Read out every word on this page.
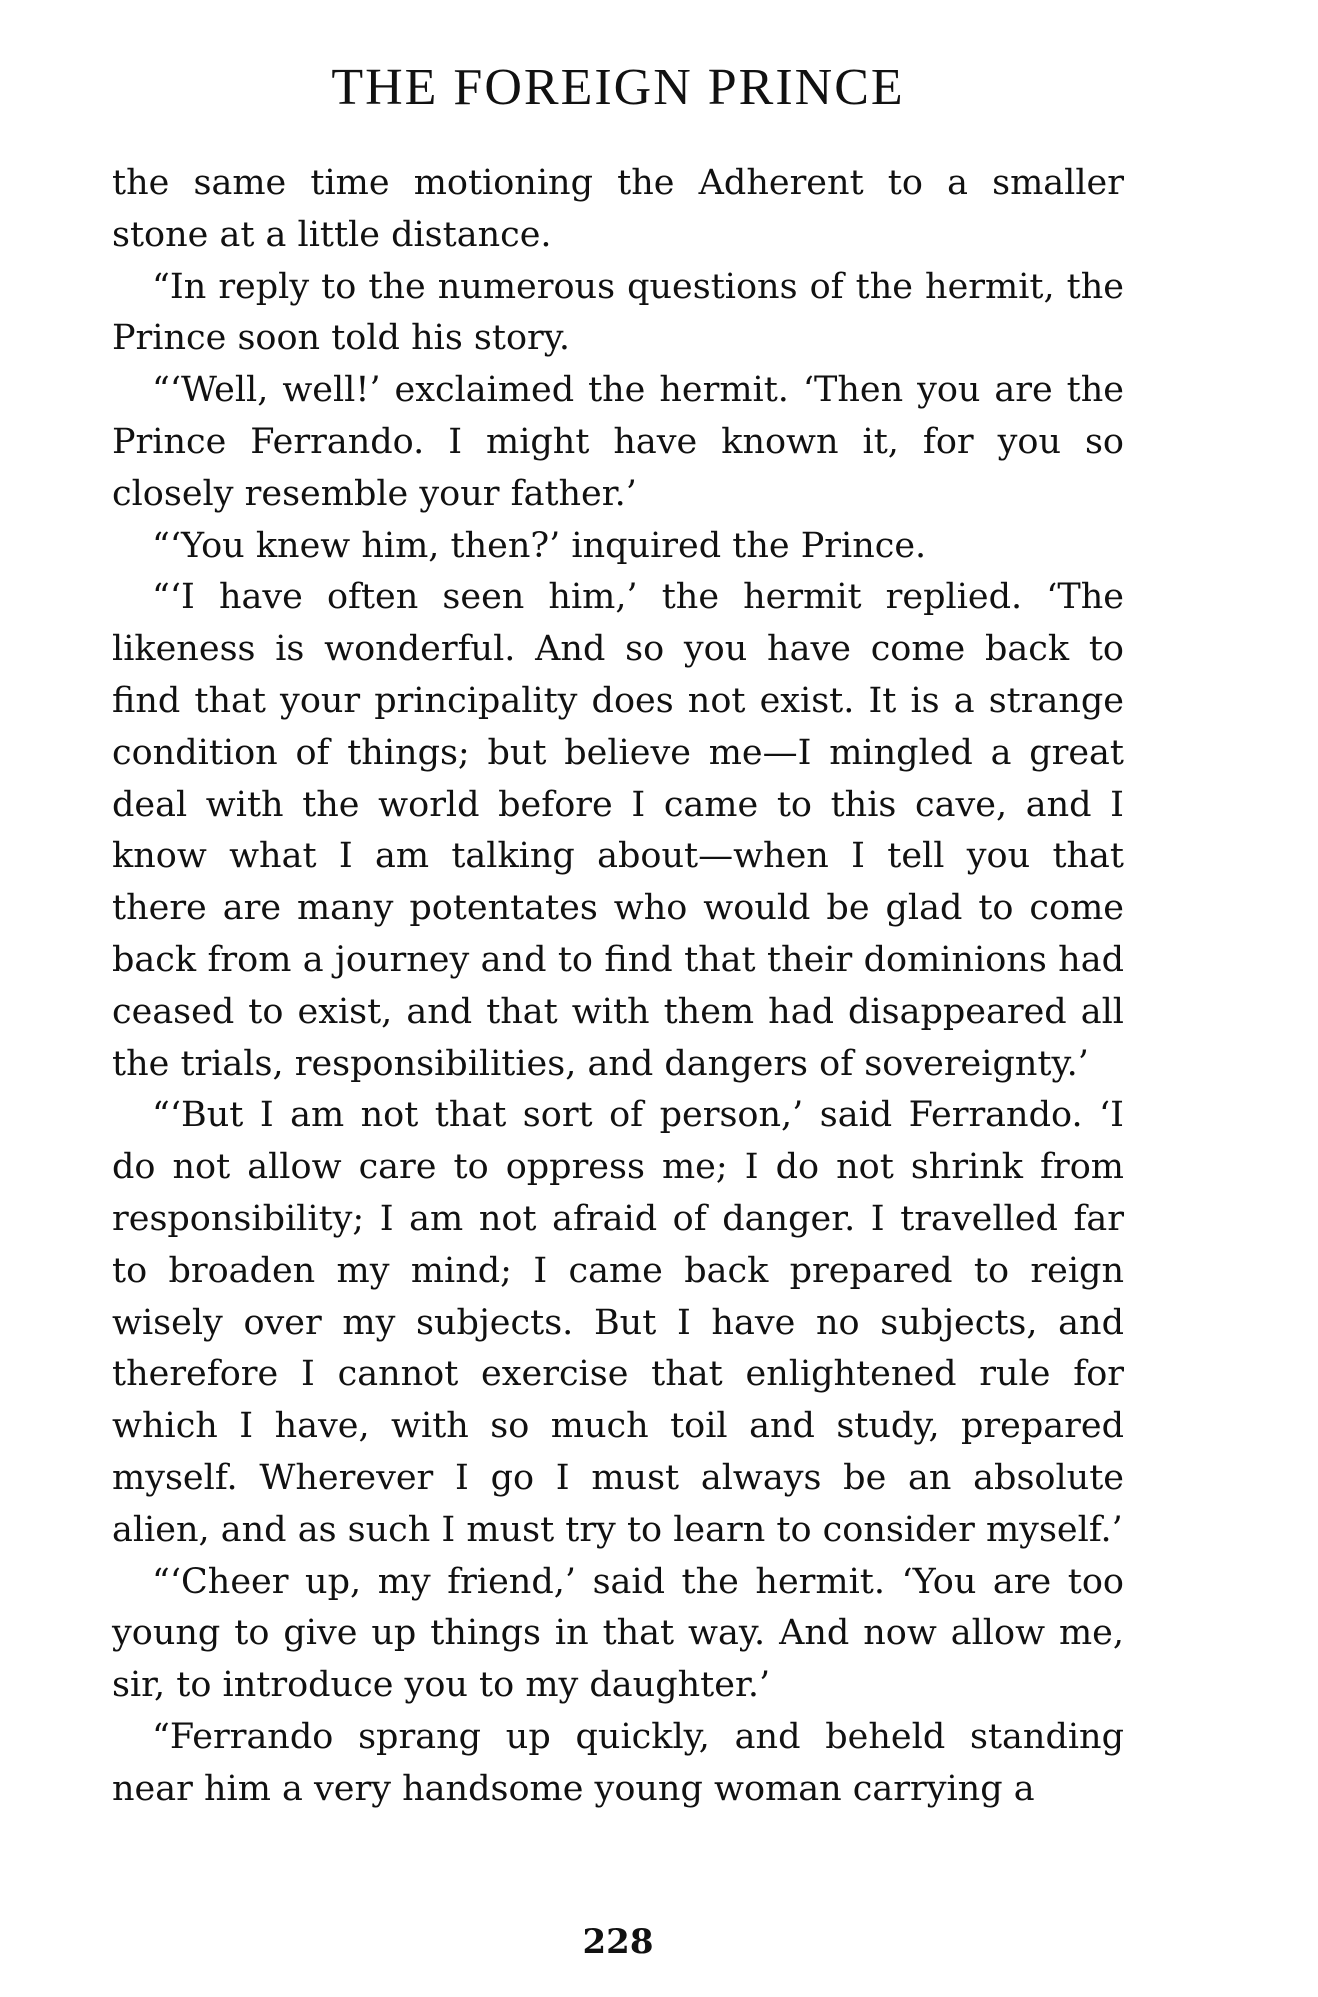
THE FOREIGN PRINCE

the same time motioning the Adherent to a smaller stone at a little distance.

“In reply to the numerous questions of the hermit, the Prince soon told his story.

“‘Well, well!’ exclaimed the hermit. ‘Then you are the Prince Ferrando. I might have known it, for you so closely resemble your father.’

“‘You knew him, then?’ inquired the Prince.

“‘I have often seen him,’ the hermit replied. ‘The likeness is wonderful. And so you have come back to find that your principality does not exist. It is a strange condition of things; but believe me—I mingled a great deal with the world before I came to this cave, and I know what I am talking about—when I tell you that there are many potentates who would be glad to come back from a journey and to find that their dominions had ceased to exist, and that with them had disappeared all the trials, responsibilities, and dangers of sovereignty.’

“‘But I am not that sort of person,’ said Ferrando. ‘I do not allow care to oppress me; I do not shrink from responsibility; I am not afraid of danger. I travelled far to broaden my mind; I came back prepared to reign wisely over my subjects. But I have no subjects, and therefore I cannot exercise that enlightened rule for which I have, with so much toil and study, prepared myself. Wherever I go I must always be an absolute alien, and as such I must try to learn to consider myself.’

“‘Cheer up, my friend,’ said the hermit. ‘You are too young to give up things in that way. And now allow me, sir, to introduce you to my daughter.’

“Ferrando sprang up quickly, and beheld standing near him a very handsome young woman carrying a

228
